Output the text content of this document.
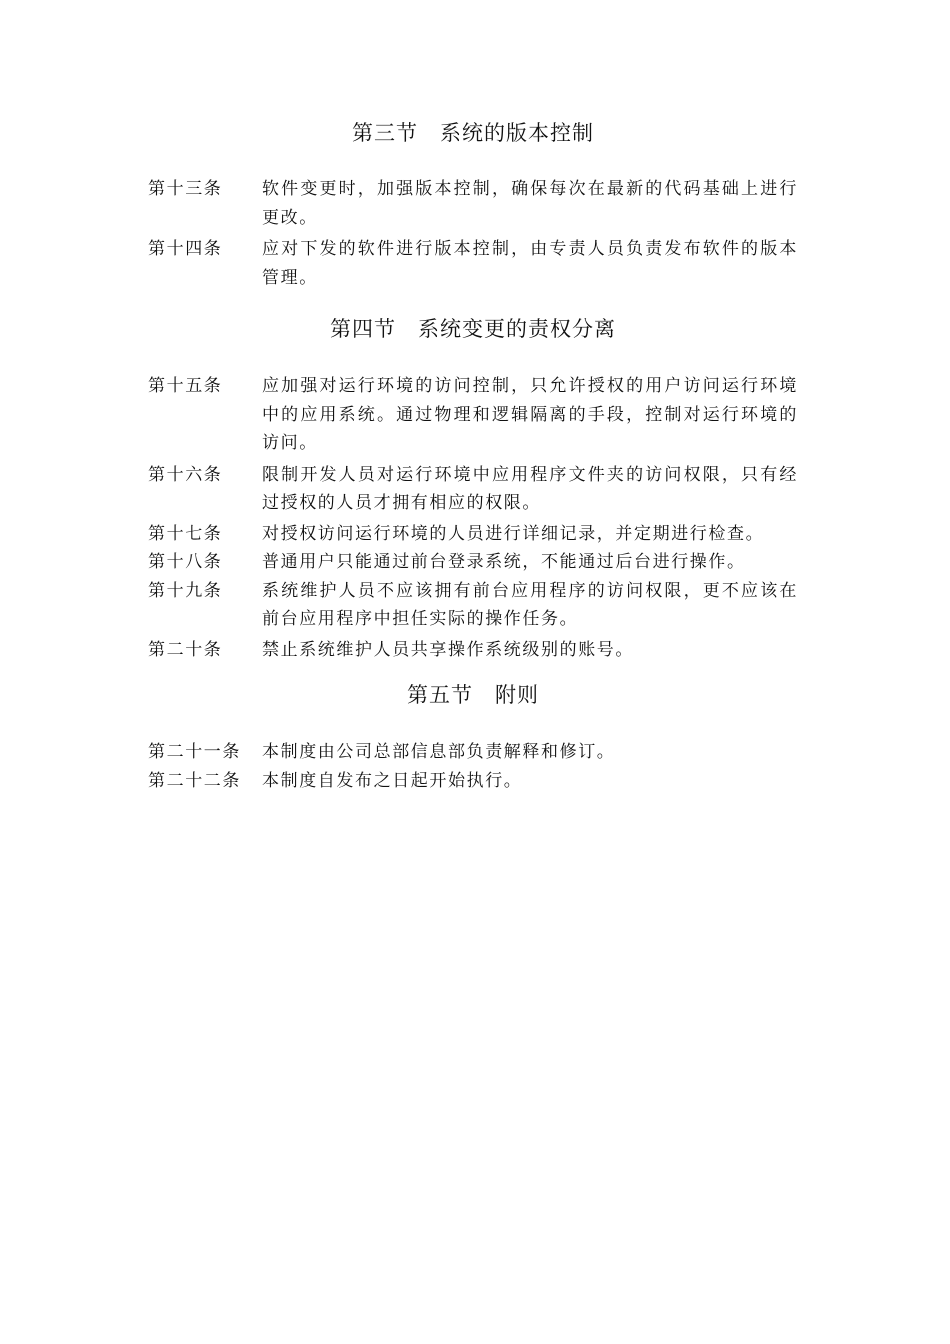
第三节　系统的版本控制
第十三条	软件变更时，加强版本控制，确保每次在最新的代码基础上进行更改。
第十四条	应对下发的软件进行版本控制，由专责人员负责发布软件的版本管理。
第四节　系统变更的责权分离
第十五条	应加强对运行环境的访问控制，只允许授权的用户访问运行环境中的应用系统。通过物理和逻辑隔离的手段，控制对运行环境的访问。
第十六条	限制开发人员对运行环境中应用程序文件夹的访问权限，只有经过授权的人员才拥有相应的权限。
第十七条	对授权访问运行环境的人员进行详细记录，并定期进行检查。
第十八条	普通用户只能通过前台登录系统，不能通过后台进行操作。
第十九条	系统维护人员不应该拥有前台应用程序的访问权限，更不应该在前台应用程序中担任实际的操作任务。
第二十条	禁止系统维护人员共享操作系统级别的账号。
第五节　附则
第二十一条	本制度由公司总部信息部负责解释和修订。
第二十二条	本制度自发布之日起开始执行。
